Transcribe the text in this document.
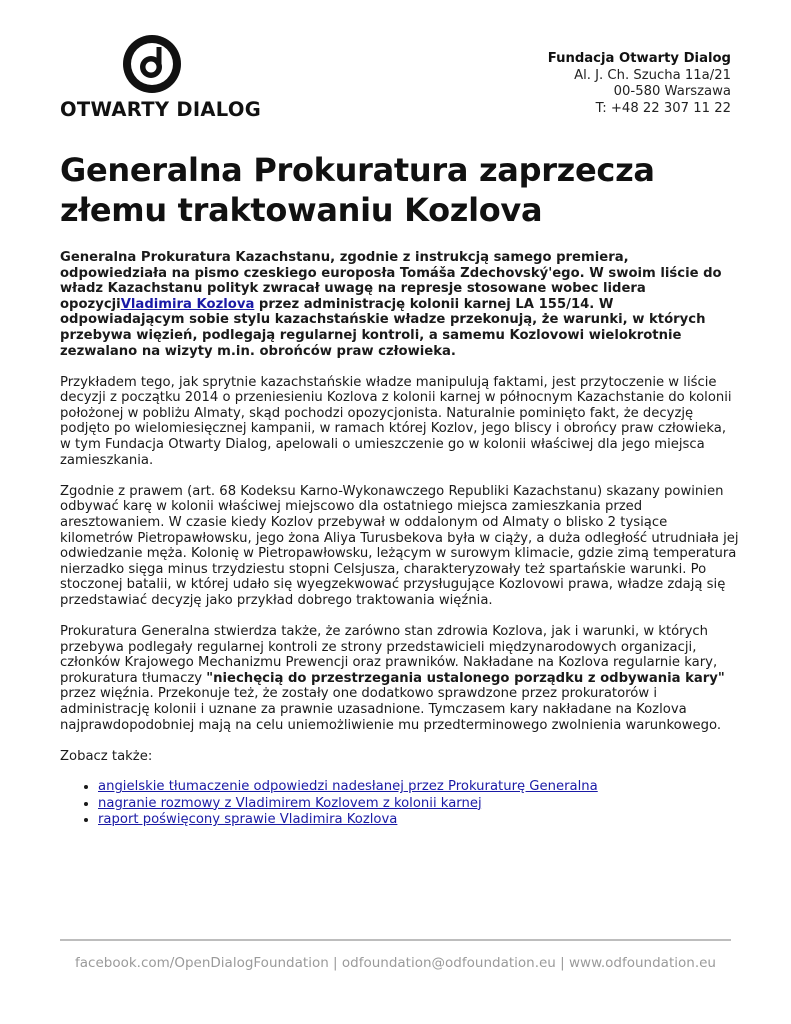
OTWARTY DIALOG
Fundacja Otwarty Dialog
Al. J. Ch. Szucha 11a/21
00-580 Warszawa
T: +48 22 307 11 22
Generalna Prokuratura zaprzecza złemu traktowaniu Kozlova

Generalna Prokuratura Kazachstanu, zgodnie z instrukcją samego premiera, odpowiedziała na pismo czeskiego europosła Tomáša Zdechovský'ego. W swoim liście do władz Kazachstanu polityk zwracał uwagę na represje stosowane wobec lidera opozycjiVladimira Kozlova przez administrację kolonii karnej LA 155/14. W odpowiadającym sobie stylu kazachstańskie władze przekonują, że warunki, w których przebywa więzień, podlegają regularnej kontroli, a samemu Kozlovowi wielokrotnie zezwalano na wizyty m.in. obrońców praw człowieka.

Przykładem tego, jak sprytnie kazachstańskie władze manipulują faktami, jest przytoczenie w liście decyzji z początku 2014 o przeniesieniu Kozlova z kolonii karnej w północnym Kazachstanie do kolonii położonej w pobliżu Almaty, skąd pochodzi opozycjonista. Naturalnie pominięto fakt, że decyzję podjęto po wielomiesięcznej kampanii, w ramach której Kozlov, jego bliscy i obrońcy praw człowieka, w tym Fundacja Otwarty Dialog, apelowali o umieszczenie go w kolonii właściwej dla jego miejsca zamieszkania.

Zgodnie z prawem (art. 68 Kodeksu Karno-Wykonawczego Republiki Kazachstanu) skazany powinien odbywać karę w kolonii właściwej miejscowo dla ostatniego miejsca zamieszkania przed aresztowaniem. W czasie kiedy Kozlov przebywał w oddalonym od Almaty o blisko 2 tysiące kilometrów Pietropawłowsku, jego żona Aliya Turusbekova była w ciąży, a duża odległość utrudniała jej odwiedzanie męża. Kolonię w Pietropawłowsku, leżącym w surowym klimacie, gdzie zimą temperatura nierzadko sięga minus trzydziestu stopni Celsjusza, charakteryzowały też spartańskie warunki. Po stoczonej batalii, w której udało się wyegzekwować przysługujące Kozlovowi prawa, władze zdają się przedstawiać decyzję jako przykład dobrego traktowania więźnia.

Prokuratura Generalna stwierdza także, że zarówno stan zdrowia Kozlova, jak i warunki, w których przebywa podlegały regularnej kontroli ze strony przedstawicieli międzynarodowych organizacji, członków Krajowego Mechanizmu Prewencji oraz prawników. Nakładane na Kozlova regularnie kary, prokuratura tłumaczy "niechęcią do przestrzegania ustalonego porządku z odbywania kary" przez więźnia. Przekonuje też, że zostały one dodatkowo sprawdzone przez prokuratorów i administrację kolonii i uznane za prawnie uzasadnione. Tymczasem kary nakładane na Kozlova najprawdopodobniej mają na celu uniemożliwienie mu przedterminowego zwolnienia warunkowego.

Zobacz także:

• angielskie tłumaczenie odpowiedzi nadesłanej przez Prokuraturę Generalna
• nagranie rozmowy z Vladimirem Kozlovem z kolonii karnej
• raport poświęcony sprawie Vladimira Kozlova
facebook.com/OpenDialogFoundation | odfoundation@odfoundation.eu | www.odfoundation.eu
